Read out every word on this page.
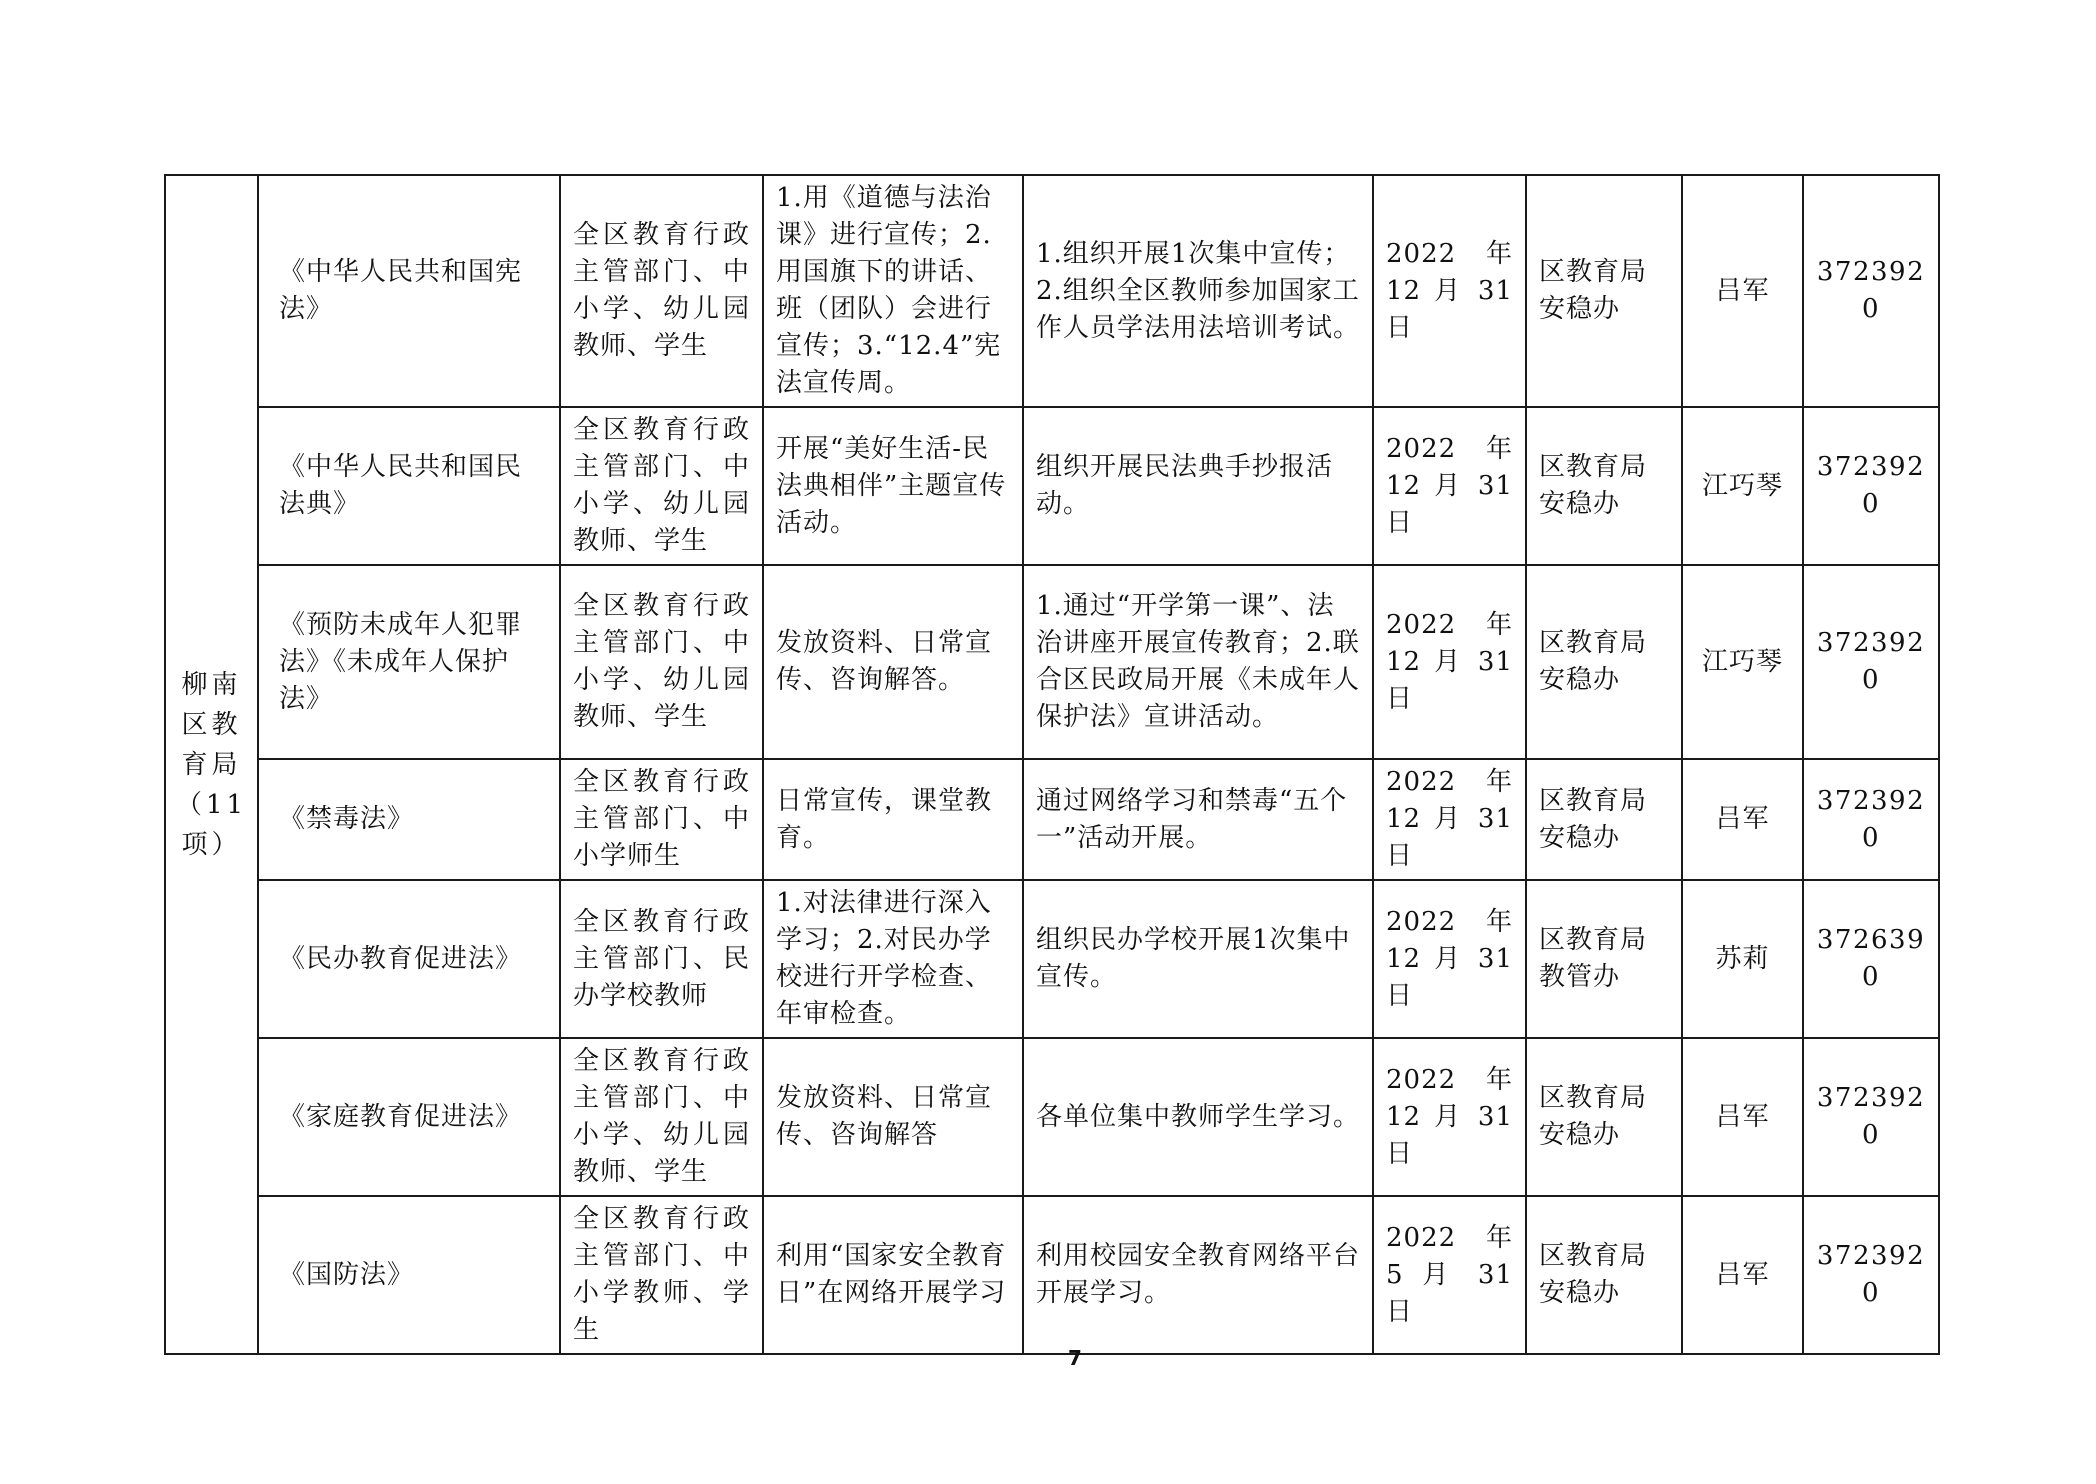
柳南区教育局（11项）	《中华人民共和国宪法》	全区教育行政主管部门、中小学、幼儿园教师、学生	1.用《道德与法治课》进行宣传；2.用国旗下的讲话、班（团队）会进行宣传；3.“12.4”宪法宣传周。	1.组织开展1次集中宣传；2.组织全区教师参加国家工作人员学法用法培训考试。	2022 年 12 月 31 日	区教育局安稳办	吕军	3723920
	《中华人民共和国民法典》	全区教育行政主管部门、中小学、幼儿园教师、学生	开展“美好生活-民法典相伴”主题宣传活动。	组织开展民法典手抄报活动。	2022 年 12 月 31 日	区教育局安稳办	江巧琴	3723920
	《预防未成年人犯罪法》《未成年人保护法》	全区教育行政主管部门、中小学、幼儿园教师、学生	发放资料、日常宣传、咨询解答。	1.通过“开学第一课”、法治讲座开展宣传教育；2.联合区民政局开展《未成年人保护法》宣讲活动。	2022 年 12 月 31 日	区教育局安稳办	江巧琴	3723920
	《禁毒法》	全区教育行政主管部门、中小学师生	日常宣传，课堂教育。	通过网络学习和禁毒“五个一”活动开展。	2022 年 12 月 31 日	区教育局安稳办	吕军	3723920
	《民办教育促进法》	全区教育行政主管部门、民办学校教师	1.对法律进行深入学习；2.对民办学校进行开学检查、年审检查。	组织民办学校开展1次集中宣传。	2022 年 12 月 31 日	区教育局教管办	苏莉	3726390
	《家庭教育促进法》	全区教育行政主管部门、中小学、幼儿园教师、学生	发放资料、日常宣传、咨询解答	各单位集中教师学生学习。	2022 年 12 月 31 日	区教育局安稳办	吕军	3723920
	《国防法》	全区教育行政主管部门、中小学教师、学生	利用“国家安全教育日”在网络开展学习	利用校园安全教育网络平台开展学习。	2022 年 5 月 31 日	区教育局安稳办	吕军	3723920
7
